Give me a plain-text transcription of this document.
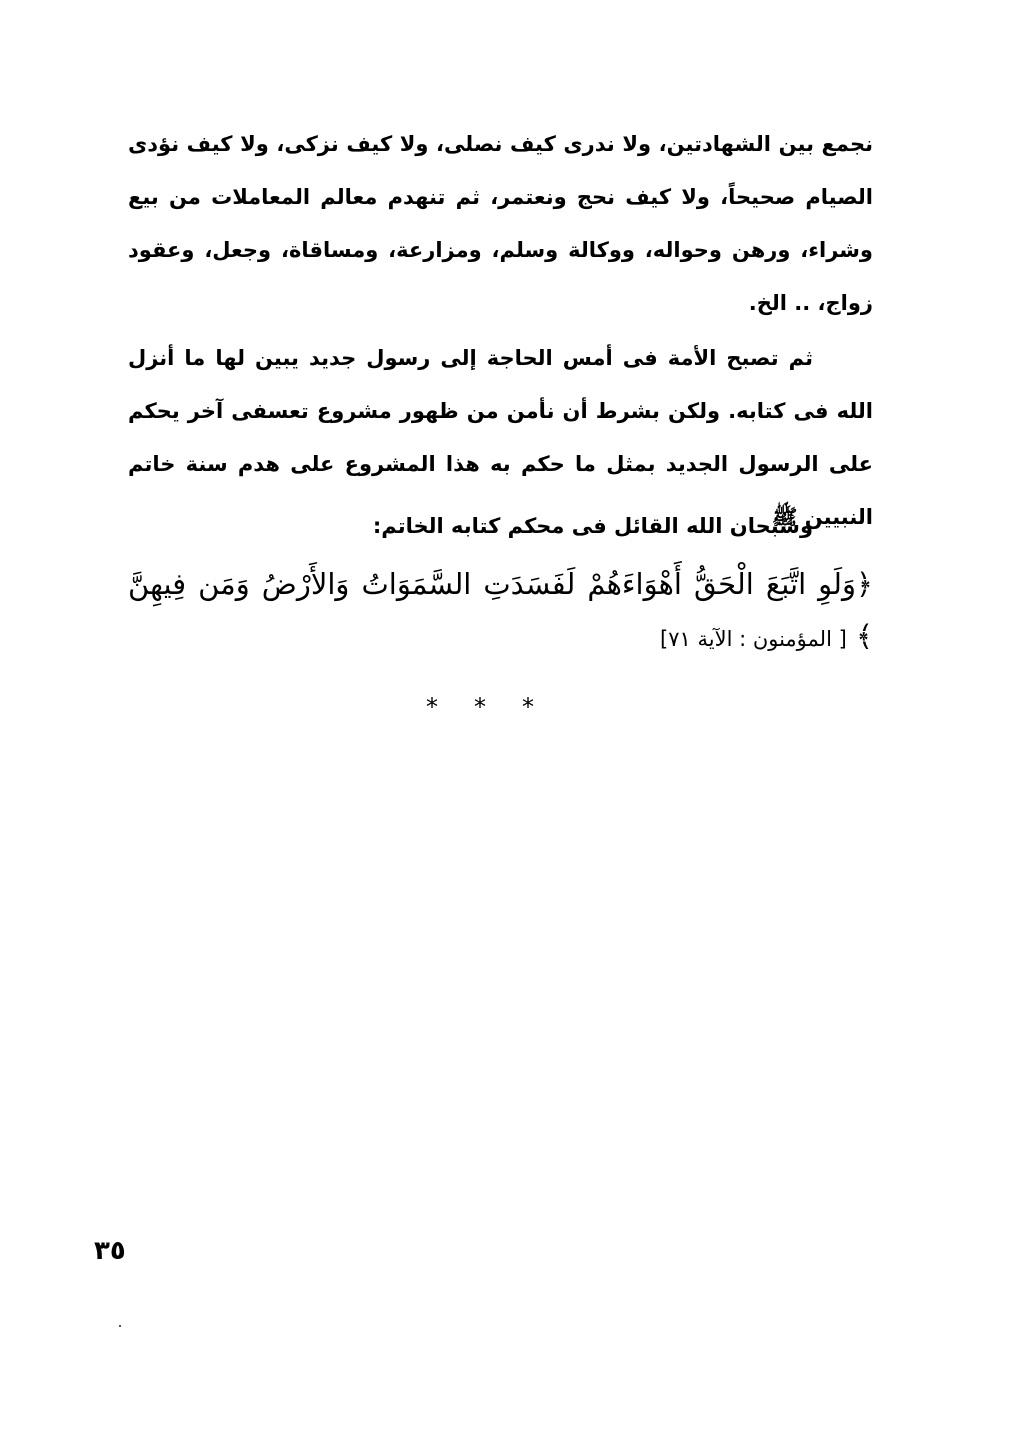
نجمع بين الشهادتين، ولا ندرى كيف نصلى، ولا كيف نزكى، ولا كيف نؤدى الصيام صحيحاً، ولا كيف نحج ونعتمر، ثم تنهدم معالم المعاملات من بيع وشراء، ورهن وحواله، ووكالة وسلم، ومزارعة، ومساقاة، وجعل، وعقود زواج، .. الخ.

ثم تصبح الأمة فى أمس الحاجة إلى رسول جديد يبين لها ما أنزل الله فى كتابه. ولكن بشرط أن نأمن من ظهور مشروع تعسفى آخر يحكم على الرسول الجديد بمثل ما حكم به هذا المشروع على هدم سنة خاتم النبيين ﷺ

وسبحان الله القائل فى محكم كتابه الخاتم:

﴿وَلَوِ اتَّبَعَ الْحَقُّ أَهْوَاءَهُمْ لَفَسَدَتِ السَّمَوَاتُ وَالأَرْضُ وَمَن فِيهِنَّ ﴾ [ المؤمنون : الآية ٧١]
* * *
٣٥
